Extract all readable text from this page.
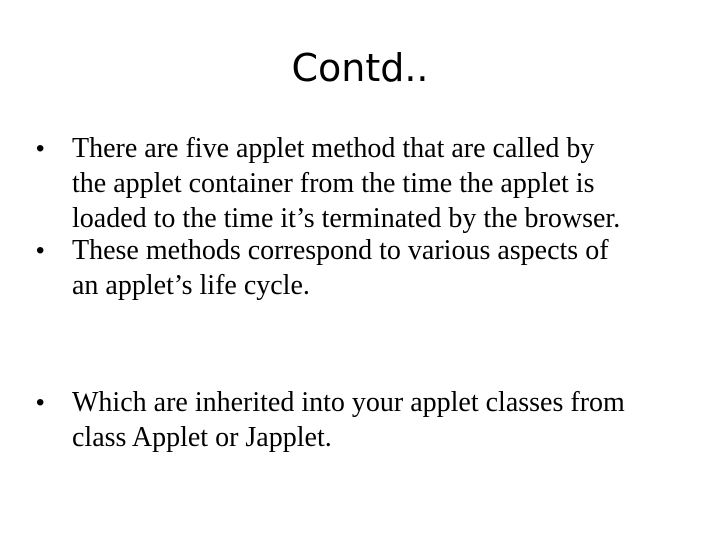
Contd..
• There are five applet method that are called by
the applet container from the time the applet is
loaded to the time it’s terminated by the browser.
• These methods correspond to various aspects of
an applet’s life cycle.
• Which are inherited into your applet classes from
class Applet or Japplet.
